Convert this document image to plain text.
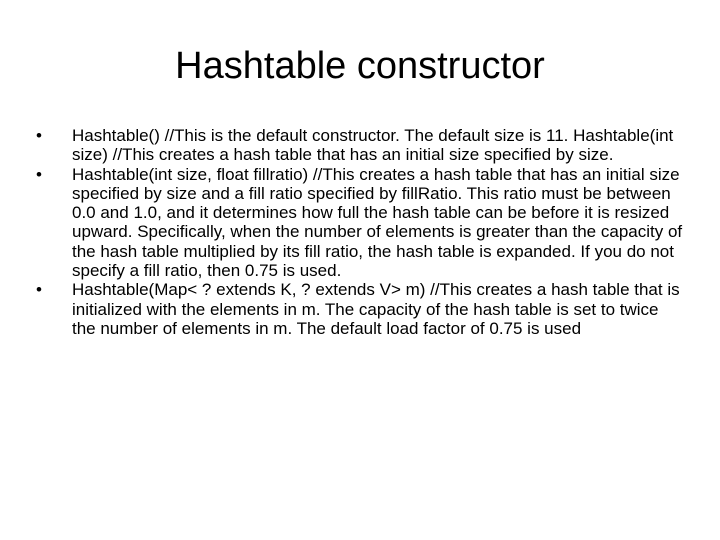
Hashtable constructor
•	Hashtable() //This is the default constructor. The default size is 11. Hashtable(int size) //This creates a hash table that has an initial size specified by size.
•	Hashtable(int size, float fillratio) //This creates a hash table that has an initial size specified by size and a fill ratio specified by fillRatio. This ratio must be between 0.0 and 1.0, and it determines how full the hash table can be before it is resized upward. Specifically, when the number of elements is greater than the capacity of the hash table multiplied by its fill ratio, the hash table is expanded. If you do not specify a fill ratio, then 0.75 is used.
•	Hashtable(Map< ? extends K, ? extends V> m) //This creates a hash table that is initialized with the elements in m. The capacity of the hash table is set to twice the number of elements in m. The default load factor of 0.75 is used
